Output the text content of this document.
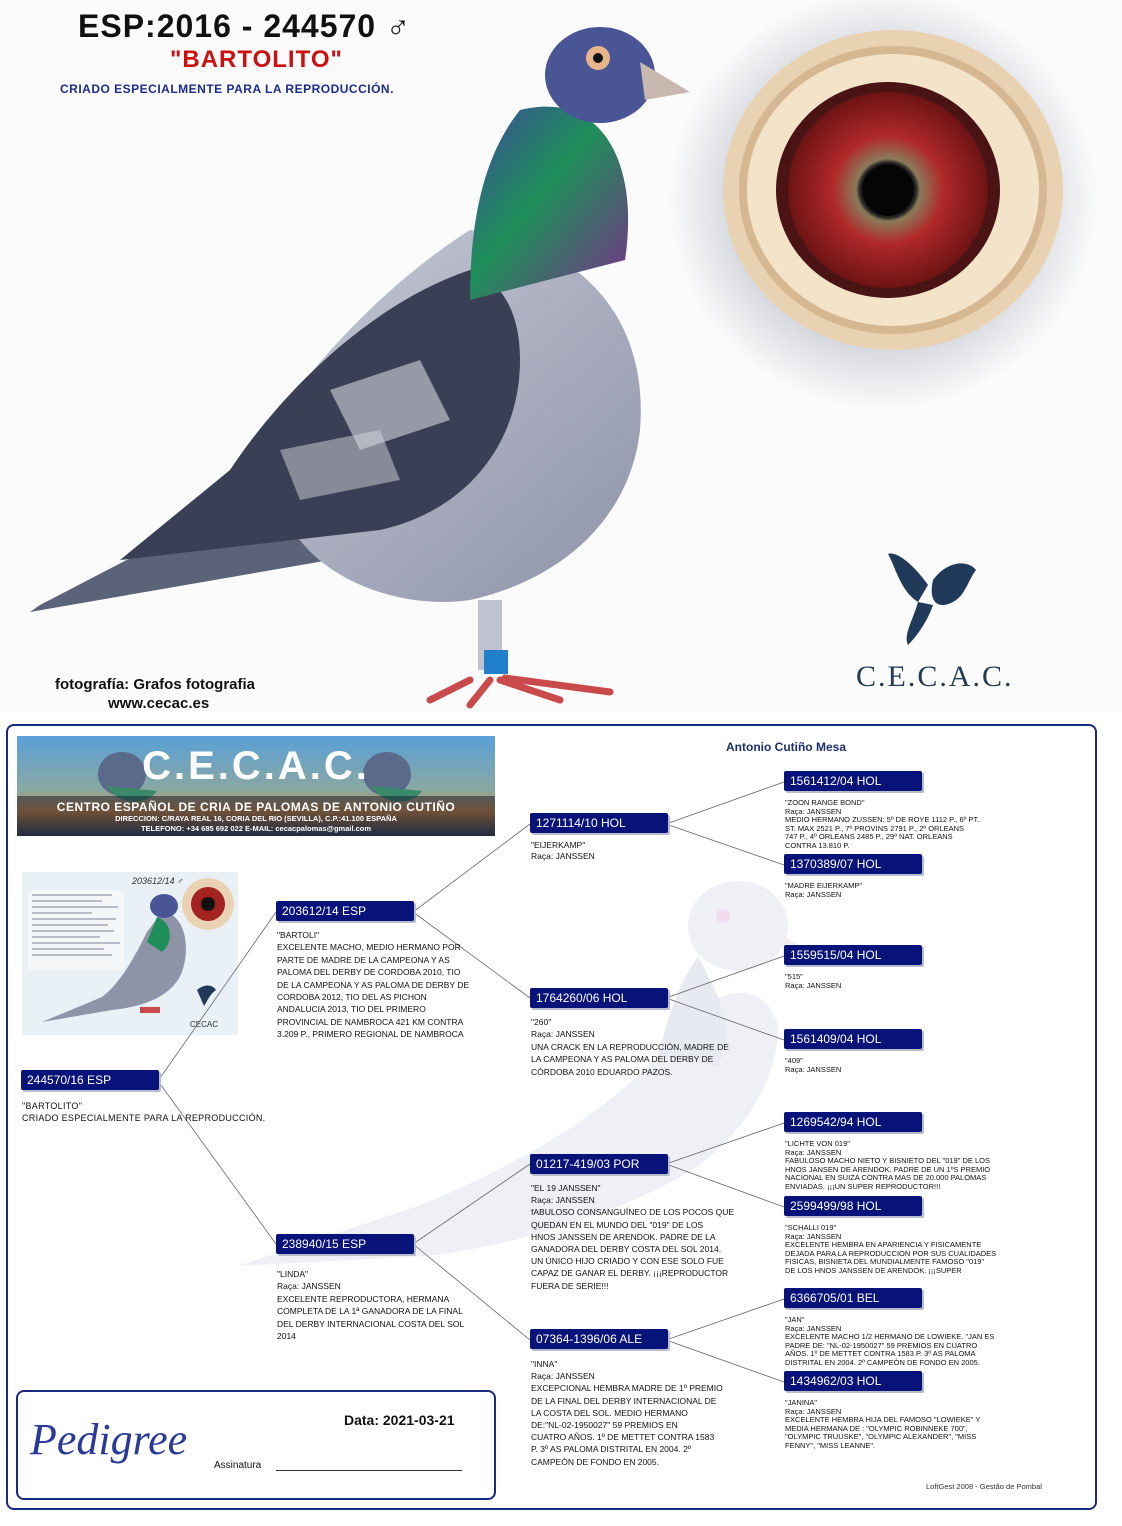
ESP:2016 - 244570 ♂
"BARTOLITO"
CRIADO ESPECIALMENTE PARA LA REPRODUCCIÓN.
C.E.C.A.C.
fotografía: Grafos fotografia
www.cecac.es
Antonio Cutiño Mesa
C.E.C.A.C.
CENTRO ESPAÑOL DE CRIA DE PALOMAS DE ANTONIO CUTIÑO
DIRECCION: C/RAYA REAL 16, CORIA DEL RIO (SEVILLA), C.P.:41.100 ESPAÑA
TELEFONO: +34 685 692 022 E-MAIL: cecacpalomas@gmail.com
203612/14 ♂
CECAC
244570/16 ESP
"BARTOLITO"
CRIADO ESPECIALMENTE PARA LA REPRODUCCIÓN.
203612/14 ESP
"BARTOLI"
EXCELENTE MACHO, MEDIO HERMANO POR
PARTE DE MADRE DE LA CAMPEONA Y AS
PALOMA DEL DERBY DE CORDOBA 2010, TIO
DE LA CAMPEONA Y AS PALOMA DE DERBY DE
CORDOBA 2012, TIO DEL AS PICHON
ANDALUCIA 2013, TIO DEL PRIMERO
PROVINCIAL DE NAMBROCA 421 KM CONTRA
3.209 P., PRIMERO REGIONAL DE NAMBROCA
238940/15 ESP
"LINDA"
Raça: JANSSEN
EXCELENTE REPRODUCTORA, HERMANA
COMPLETA DE LA 1ª GANADORA DE LA FINAL
DEL DERBY INTERNACIONAL COSTA DEL SOL
2014
1271114/10 HOL
"EIJERKAMP"
Raça: JANSSEN
1764260/06 HOL
"260"
Raça: JANSSEN
UNA CRACK EN LA REPRODUCCIÓN, MADRE DE
LA CAMPEONA Y AS PALOMA DEL DERBY DE
CÓRDOBA 2010 EDUARDO PAZOS.
01217-419/03 POR
"EL 19 JANSSEN"
Raça: JANSSEN
fABULOSO CONSANGUÍNEO DE LOS POCOS QUE
QUEDAN EN EL MUNDO DEL "019" DE LOS
HNOS JANSSEN DE ARENDOK. PADRE DE LA
GANADORA DEL DERBY COSTA DEL SOL 2014.
UN ÚNICO HIJO CRIADO Y CON ESE SOLO FUE
CAPAZ DE GANAR EL DERBY. ¡¡¡REPRODUCTOR
FUERA DE SERIE!!!
07364-1396/06 ALE
"INNA"
Raça: JANSSEN
EXCEPCIONAL HEMBRA MADRE DE 1º PREMIO
DE LA FINAL DEL DERBY INTERNACIONAL DE
LA COSTA DEL SOL. MEDIO HERMANO
DE:"NL-02-1950027" 59 PREMIOS EN
CUATRO AÑOS. 1º DE METTET CONTRA 1583
P. 3º AS PALOMA DISTRITAL EN 2004. 2º
CAMPEÓN DE FONDO EN 2005.
1561412/04 HOL
"ZOON RANGE BOND"
Raça: JANSSEN
MEDIO HERMANO ZUSSEN: 5º DE ROYE 1112 P., 6º PT.
ST. MAX 2521 P., 7º PROVINS 2791 P., 2º ORLEANS
747 P., 4º ORLEANS 2485 P., 29º NAT. ORLEANS
CONTRA 13.810 P.
1370389/07 HOL
"MADRE EIJERKAMP"
Raça: JANSSEN
1559515/04 HOL
"515"
Raça: JANSSEN
1561409/04 HOL
"409"
Raça: JANSSEN
1269542/94 HOL
"LICHTE VON 019"
Raça: JANSSEN
FABULOSO MACHO NIETO Y BISNIETO DEL "019" DE LOS
HNOS JANSEN DE ARENDOK. PADRE DE UN 1ºS PREMIO
NACIONAL EN SUIZA CONTRA MAS DE 20.000 PALOMAS
ENVIADAS. ¡¡¡UN SUPER REPRODUCTOR!!!
2599499/98 HOL
"SCHALLI 019"
Raça: JANSSEN
EXCELENTE HEMBRA EN APARIENCIA Y FISICAMENTE
DEJADA PARA LA REPRODUCCION POR SUS CUALIDADES
FISICAS, BISNIETA DEL MUNDIALMENTE FAMOSO "019"
DE LOS HNOS JANSSEN DE ARENDOK. ¡¡¡SUPER
6366705/01 BEL
"JAN"
Raça: JANSSEN
EXCELENTE MACHO 1/2 HERMANO DE LOWIEKE. "JAN ES
PADRE DE: "NL-02-1950027" 59 PREMIOS EN CUATRO
AÑOS. 1º DE METTET CONTRA 1583 P. 3º AS PALOMA
DISTRITAL EN 2004. 2º CAMPEÓN DE FONDO EN 2005.
1434962/03 HOL
"JANINA"
Raça: JANSSEN
EXCELENTE HEMBRA HIJA DEL FAMOSO "LOWIEKE" Y
MEDIA HERMANA DE : "OLYMPIC ROBINNEKE 700",
"OLYMPIC TRUUSKE", "OLYMPIC ALEXANDER", "MISS
FENNY", "MISS LEANNE".
Pedigree	Data: 2021-03-21
Assinatura
LoftGest 2008 - Gestão de Pombal
